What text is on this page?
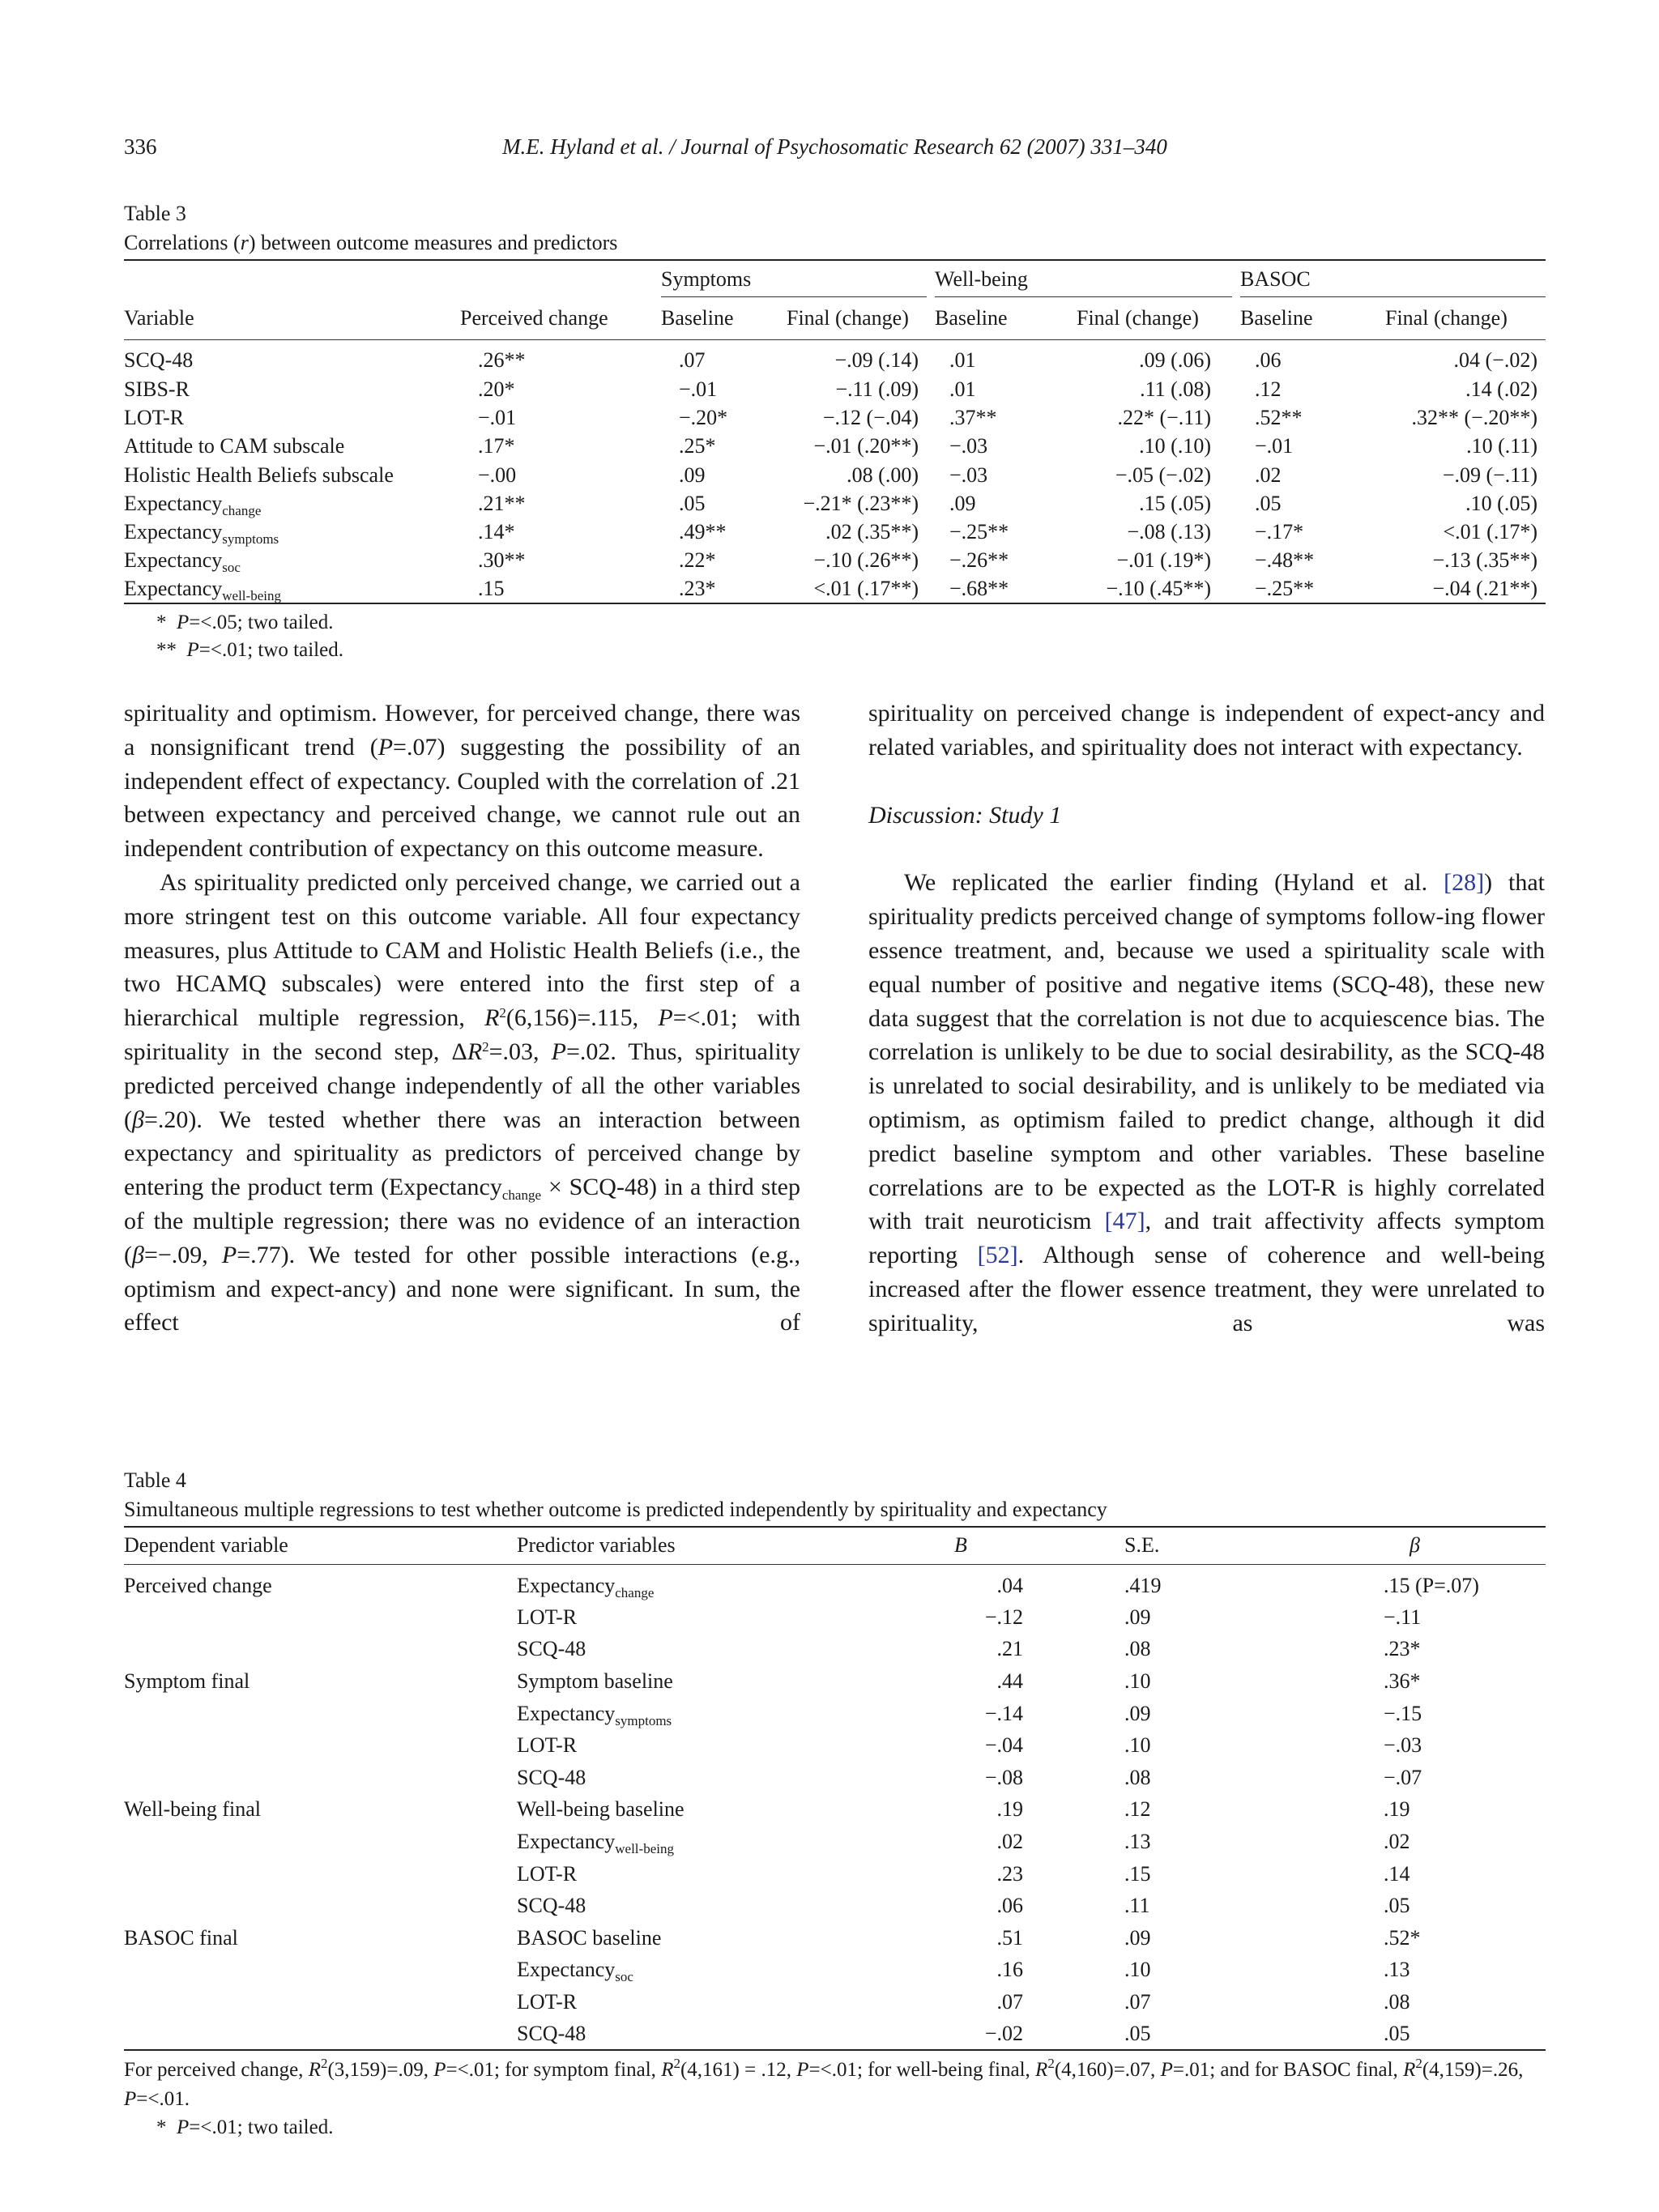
336	M.E. Hyland et al. / Journal of Psychosomatic Research 62 (2007) 331–340
Table 3
Correlations (r) between outcome measures and predictors

		Symptoms		Well-being		BASOC	

Variable	Perceived change	Baseline	Final (change)	Baseline	Final (change)	Baseline	Final (change)
SCQ-48	.26**	.07	−.09 (.14)	.01	.09 (.06)	.06	.04 (−.02)
SIBS-R	.20*	−.01	−.11 (.09)	.01	.11 (.08)	.12	.14 (.02)
LOT-R	−.01	−.20*	−.12 (−.04)	.37**	.22* (−.11)	.52**	.32** (−.20**)
Attitude to CAM subscale	.17*	.25*	−.01 (.20**)	−.03	.10 (.10)	−.01	.10 (.11)
Holistic Health Beliefs subscale	−.00	.09	.08 (.00)	−.03	−.05 (−.02)	.02	−.09 (−.11)
Expectancy$_{change}$	.21**	.05	−.21* (.23**)	.09	.15 (.05)	.05	.10 (.05)
Expectancy$_{symptoms}$	.14*	.49**	.02 (.35**)	−.25**	−.08 (.13)	−.17*	<.01 (.17*)
Expectancy$_{soc}$	.30**	.22*	−.10 (.26**)	−.26**	−.01 (.19*)	−.48**	−.13 (.35**)
Expectancy$_{well-being}$	.15	.23*	<.01 (.17**)	−.68**	−.10 (.45**)	−.25**	−.04 (.21**)
* P=<.05; two tailed.
** P=<.01; two tailed.

spirituality and optimism. However, for perceived change, there was a nonsignificant trend (P=.07) suggesting the possibility of an independent effect of expectancy. Coupled with the correlation of .21 between expectancy and perceived change, we cannot rule out an independent contribution of expectancy on this outcome measure.

As spirituality predicted only perceived change, we carried out a more stringent test on this outcome variable. All four expectancy measures, plus Attitude to CAM and Holistic Health Beliefs (i.e., the two HCAMQ subscales) were entered into the first step of a hierarchical multiple regression, $R^2(6,156)=.115$, P=<.01; with spirituality in the second step, $\Delta R^2=.03$, P=.02. Thus, spirituality predicted perceived change independently of all the other variables (β=.20). We tested whether there was an interaction between expectancy and spirituality as predictors of perceived change by entering the product term (Expectancy$_{change}$ × SCQ-48) in a third step of the multiple regression; there was no evidence of an interaction (β=−.09, P=.77). We tested for other possible interactions (e.g., optimism and expect-ancy) and none were significant. In sum, the effect of

spirituality on perceived change is independent of expect-ancy and related variables, and spirituality does not interact with expectancy.

Discussion: Study 1

We replicated the earlier finding (Hyland et al. [28]) that spirituality predicts perceived change of symptoms follow-ing flower essence treatment, and, because we used a spirituality scale with equal number of positive and negative items (SCQ-48), these new data suggest that the correlation is not due to acquiescence bias. The correlation is unlikely to be due to social desirability, as the SCQ-48 is unrelated to social desirability, and is unlikely to be mediated via optimism, as optimism failed to predict change, although it did predict baseline symptom and other variables. These baseline correlations are to be expected as the LOT-R is highly correlated with trait neuroticism [47], and trait affectivity affects symptom reporting [52]. Although sense of coherence and well-being increased after the flower essence treatment, they were unrelated to spirituality, as was

Table 4
Simultaneous multiple regressions to test whether outcome is predicted independently by spirituality and expectancy
Dependent variable	Predictor variables	B	S.E.	β
Perceived change	Expectancy$_{change}$	.04	.419	.15 (P=.07)
	LOT-R	−.12	.09	−.11
	SCQ-48	.21	.08	.23*
Symptom final	Symptom baseline	.44	.10	.36*
	Expectancy$_{symptoms}$	−.14	.09	−.15
	LOT-R	−.04	.10	−.03
	SCQ-48	−.08	.08	−.07
Well-being final	Well-being baseline	.19	.12	.19
	Expectancy$_{well-being}$	.02	.13	.02
	LOT-R	.23	.15	.14
	SCQ-48	.06	.11	.05
BASOC final	BASOC baseline	.51	.09	.52*
	Expectancy$_{soc}$	.16	.10	.13
	LOT-R	.07	.07	.08
	SCQ-48	−.02	.05	.05
For perceived change, $R^2(3,159)=.09$, P=<.01; for symptom final, $R^2(4,161) = .12$, P=<.01; for well-being final, $R^2(4,160)=.07$, P=.01; and for BASOC final, $R^2(4,159)=.26$, P=<.01.
* P=<.01; two tailed.
